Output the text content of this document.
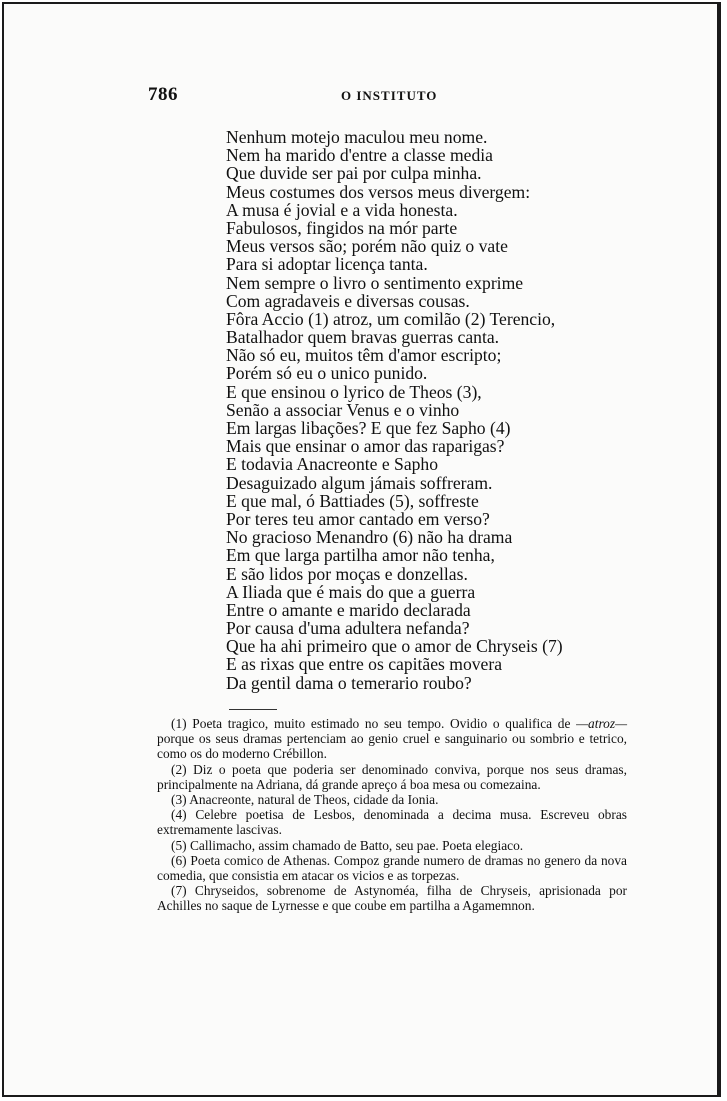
786	O INSTITUTO
Nenhum motejo maculou meu nome.
Nem ha marido d'entre a classe media
Que duvide ser pai por culpa minha.
Meus costumes dos versos meus divergem:
A musa é jovial e a vida honesta.
Fabulosos, fingidos na mór parte
Meus versos são; porém não quiz o vate
Para si adoptar licença tanta.
Nem sempre o livro o sentimento exprime
Com agradaveis e diversas cousas.
Fôra Accio (1) atroz, um comilão (2) Terencio,
Batalhador quem bravas guerras canta.
Não só eu, muitos têm d'amor escripto;
Porém só eu o unico punido.
E que ensinou o lyrico de Theos (3),
Senão a associar Venus e o vinho
Em largas libações? E que fez Sapho (4)
Mais que ensinar o amor das raparigas?
E todavia Anacreonte e Sapho
Desaguizado algum jámais soffreram.
E que mal, ó Battiades (5), soffreste
Por teres teu amor cantado em verso?
No gracioso Menandro (6) não ha drama
Em que larga partilha amor não tenha,
E são lidos por moças e donzellas.
A Iliada que é mais do que a guerra
Entre o amante e marido declarada
Por causa d'uma adultera nefanda?
Que ha ahi primeiro que o amor de Chryseis (7)
E as rixas que entre os capitães movera
Da gentil dama o temerario roubo?

(1) Poeta tragico, muito estimado no seu tempo. Ovidio o qualifica de —atroz—porque os seus dramas pertenciam ao genio cruel e sanguinario ou sombrio e tetrico, como os do moderno Crébillon.

(2) Diz o poeta que poderia ser denominado conviva, porque nos seus dramas, principalmente na Adriana, dá grande apreço á boa mesa ou comezaina.

(3) Anacreonte, natural de Theos, cidade da Ionia.

(4) Celebre poetisa de Lesbos, denominada a decima musa. Escreveu obras extremamente lascivas.

(5) Callimacho, assim chamado de Batto, seu pae. Poeta elegiaco.

(6) Poeta comico de Athenas. Compoz grande numero de dramas no genero da nova comedia, que consistia em atacar os vicios e as torpezas.

(7) Chryseidos, sobrenome de Astynoméa, filha de Chryseis, aprisionada por Achilles no saque de Lyrnesse e que coube em partilha a Agamemnon.
